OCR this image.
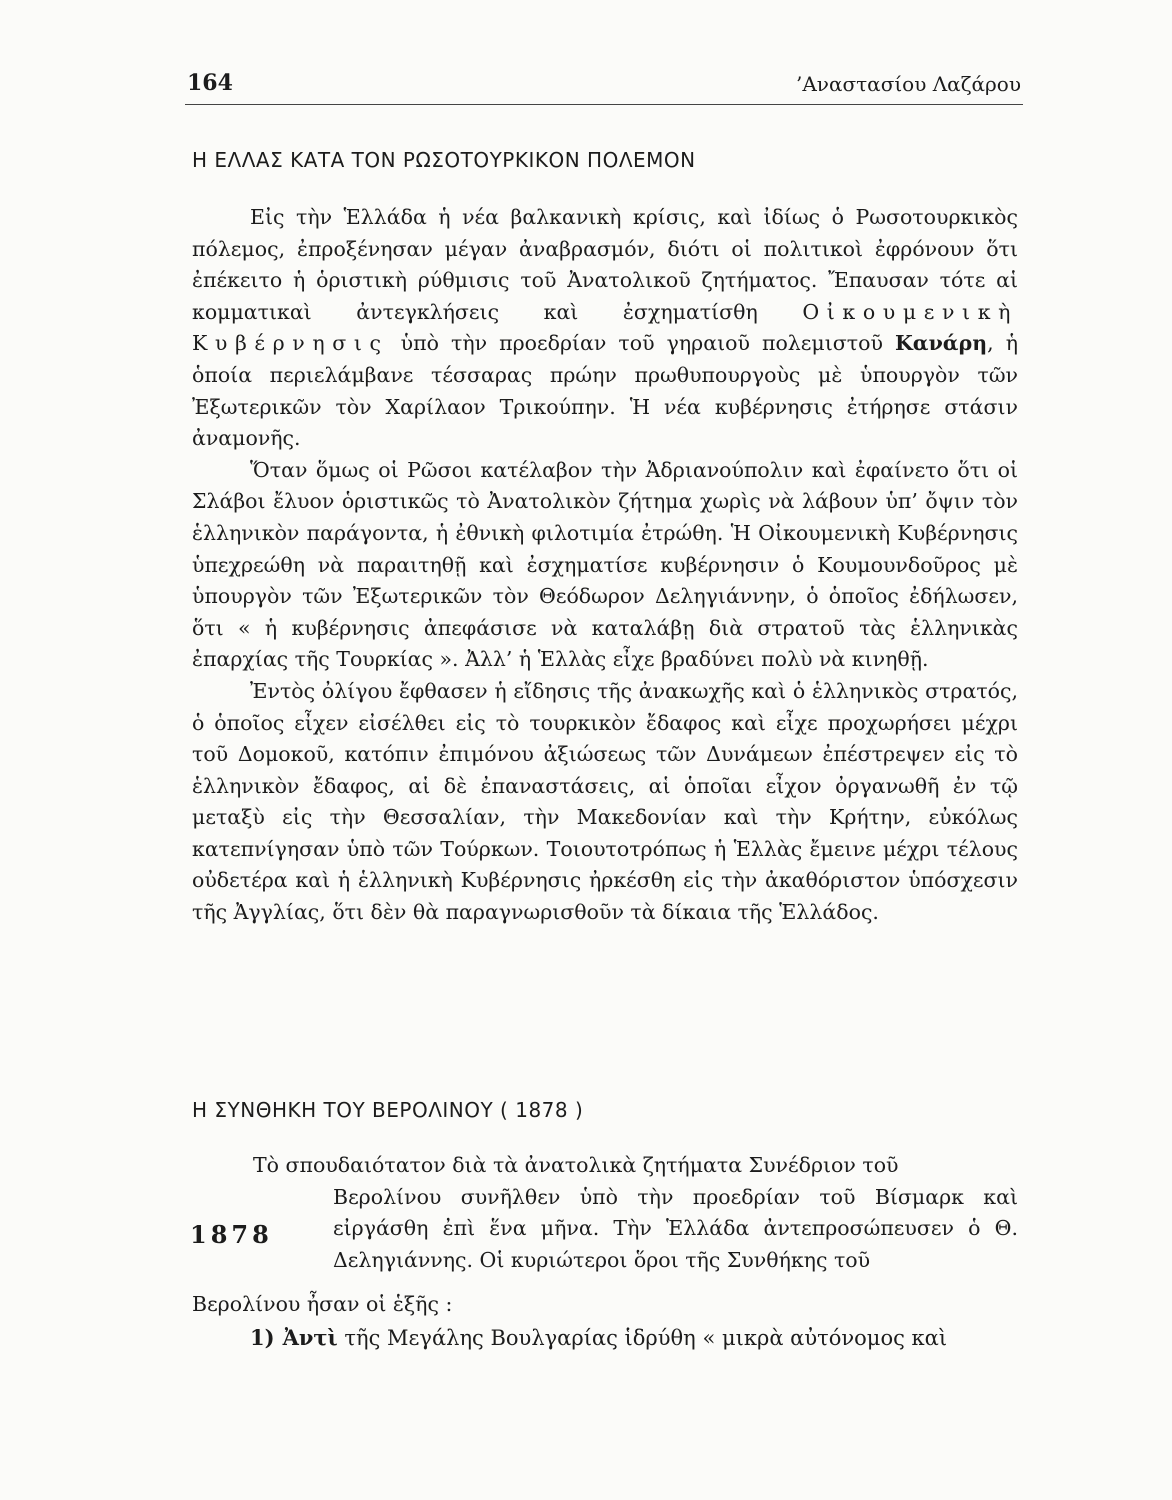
164	’Αναστασίου Λαζάρου
Η ΕΛΛΑΣ ΚΑΤΑ ΤΟΝ ΡΩΣΟΤΟΥΡΚΙΚΟΝ ΠΟΛΕΜΟΝ

Εἰς τὴν Ἑλλάδα ἡ νέα βαλκανικὴ κρίσις, καὶ ἰδίως ὁ Ρωσοτουρκικὸς πόλεμος, ἐπροξένησαν μέγαν ἀναβρασμόν, διότι οἱ πολιτικοὶ ἐφρόνουν ὅτι ἐπέκειτο ἡ ὁριστικὴ ρύθμισις τοῦ Ἀνατολικοῦ ζητήματος. Ἔπαυσαν τότε αἱ κομματικαὶ ἀντεγκλήσεις καὶ ἐσχηματίσθη Οἰκουμενικὴ Κυβέρνησις ὑπὸ τὴν προεδρίαν τοῦ γηραιοῦ πολεμιστοῦ Κανάρη, ἡ ὁποία περιελάμβανε τέσσαρας πρώην πρωθυπουργοὺς μὲ ὑπουργὸν τῶν Ἐξωτερικῶν τὸν Χαρίλαον Τρικούπην. Ἡ νέα κυβέρνησις ἐτήρησε στάσιν ἀναμονῆς.

Ὅταν ὅμως οἱ Ρῶσοι κατέλαβον τὴν Ἀδριανούπολιν καὶ ἐφαίνετο ὅτι οἱ Σλάβοι ἔλυον ὁριστικῶς τὸ Ἀνατολικὸν ζήτημα χωρὶς νὰ λάβουν ὑπ’ ὄψιν τὸν ἑλληνικὸν παράγοντα, ἡ ἐθνικὴ φιλοτιμία ἐτρώθη. Ἡ Οἰκουμενικὴ Κυβέρνησις ὑπεχρεώθη νὰ παραιτηθῇ καὶ ἐσχηματίσε κυβέρνησιν ὁ Κουμουνδοῦρος μὲ ὑπουργὸν τῶν Ἐξωτερικῶν τὸν Θεόδωρον Δεληγιάννην, ὁ ὁποῖος ἐδήλωσεν, ὅτι « ἡ κυβέρνησις ἀπεφάσισε νὰ καταλάβῃ διὰ στρατοῦ τὰς ἑλληνικὰς ἐπαρχίας τῆς Τουρκίας ». Ἀλλ’ ἡ Ἑλλὰς εἶχε βραδύνει πολὺ νὰ κινηθῇ.

Ἐντὸς ὀλίγου ἔφθασεν ἡ εἴδησις τῆς ἀνακωχῆς καὶ ὁ ἑλληνικὸς στρατός, ὁ ὁποῖος εἶχεν εἰσέλθει εἰς τὸ τουρκικὸν ἔδαφος καὶ εἶχε προχωρήσει μέχρι τοῦ Δομοκοῦ, κατόπιν ἐπιμόνου ἀξιώσεως τῶν Δυνάμεων ἐπέστρεψεν εἰς τὸ ἑλληνικὸν ἔδαφος, αἱ δὲ ἐπαναστάσεις, αἱ ὁποῖαι εἶχον ὀργανωθῆ ἐν τῷ μεταξὺ εἰς τὴν Θεσσαλίαν, τὴν Μακεδονίαν καὶ τὴν Κρήτην, εὐκόλως κατεπνίγησαν ὑπὸ τῶν Τούρκων. Τοιουτοτρόπως ἡ Ἑλλὰς ἔμεινε μέχρι τέλους οὐδετέρα καὶ ἡ ἑλληνικὴ Κυβέρνησις ἠρκέσθη εἰς τὴν ἀκαθόριστον ὑπόσχεσιν τῆς Ἀγγλίας, ὅτι δὲν θὰ παραγνωρισθοῦν τὰ δίκαια τῆς Ἑλλάδος.

Η ΣΥΝΘΗΚΗ ΤΟΥ ΒΕΡΟΛΙΝΟΥ ( 1878 )
1878
Τὸ σπουδαιότατον διὰ τὰ ἀνατολικὰ ζητήματα Συνέδριον τοῦ
Βερολίνου συνῆλθεν ὑπὸ τὴν προεδρίαν τοῦ Βίσμαρκ καὶ εἰργάσθη ἐπὶ ἕνα μῆνα. Τὴν Ἑλλάδα ἀντεπροσώπευσεν ὁ Θ. Δεληγιάννης. Οἱ κυριώτεροι ὅροι τῆς Συνθήκης τοῦ
Βερολίνου ἦσαν οἱ ἑξῆς :
1) Ἀντὶ τῆς Μεγάλης Βουλγαρίας ἱδρύθη « μικρὰ αὐτόνομος καὶ
